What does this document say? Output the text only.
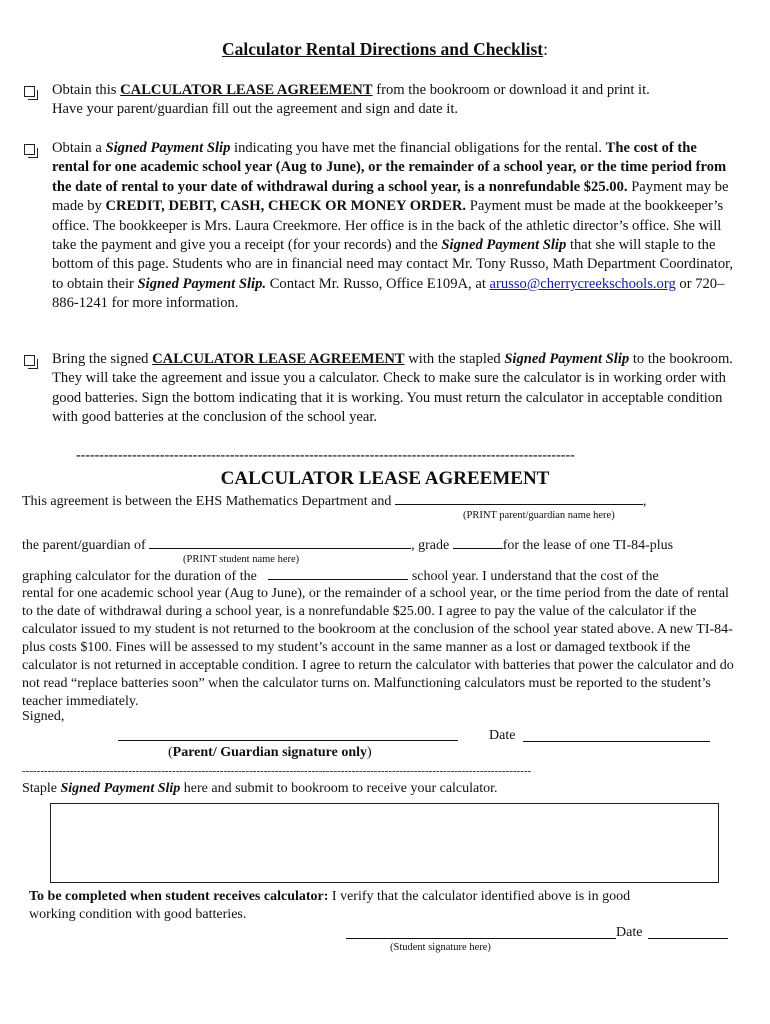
Calculator Rental Directions and Checklist:
Obtain this CALCULATOR LEASE AGREEMENT from the bookroom or download it and print it.
Have your parent/guardian fill out the agreement and sign and date it.
Obtain a Signed Payment Slip indicating you have met the financial obligations for the rental. The cost of the rental for one academic school year (Aug to June), or the remainder of a school year, or the time period from the date of rental to your date of withdrawal during a school year, is a nonrefundable $25.00. Payment may be made by CREDIT, DEBIT, CASH, CHECK OR MONEY ORDER. Payment must be made at the bookkeeper’s office. The bookkeeper is Mrs. Laura Creekmore. Her office is in the back of the athletic director’s office. She will take the payment and give you a receipt (for your records) and the Signed Payment Slip that she will staple to the bottom of this page. Students who are in financial need may contact Mr. Tony Russo, Math Department Coordinator, to obtain their Signed Payment Slip. Contact Mr. Russo, Office E109A, at arusso@cherrycreekschools.org or 720– 886-1241 for more information.
Bring the signed CALCULATOR LEASE AGREEMENT with the stapled Signed Payment Slip to the bookroom. They will take the agreement and issue you a calculator. Check to make sure the calculator is in working order with good batteries. Sign the bottom indicating that it is working. You must return the calculator in acceptable condition with good batteries at the conclusion of the school year.
-----------------------------------------------------------------------------------------------------------
CALCULATOR LEASE AGREEMENT
This agreement is between the EHS Mathematics Department and	,
(PRINT parent/guardian name here)
the parent/guardian of	, grade	for the lease of one TI-84-plus
(PRINT student name here)
graphing calculator for the duration of the	school year. I understand that the cost of the
rental for one academic school year (Aug to June), or the remainder of a school year, or the time period from the date of rental to the date of withdrawal during a school year, is a nonrefundable $25.00. I agree to pay the value of the calculator if the calculator issued to my student is not returned to the bookroom at the conclusion of the school year stated above. A new TI-84-plus costs $100. Fines will be assessed to my student’s account in the same manner as a lost or damaged textbook if the calculator is not returned in acceptable condition. I agree to return the calculator with batteries that power the calculator and do not read “replace batteries soon” when the calculator turns on. Malfunctioning calculators must be reported to the student’s teacher immediately.
Signed,
Date
(Parent/ Guardian signature only)
-------------------------------------------------------------------------------------------------------------------------------------------
Staple Signed Payment Slip here and submit to bookroom to receive your calculator.
To be completed when student receives calculator: I verify that the calculator identified above is in good
working condition with good batteries.
Date
(Student signature here)
